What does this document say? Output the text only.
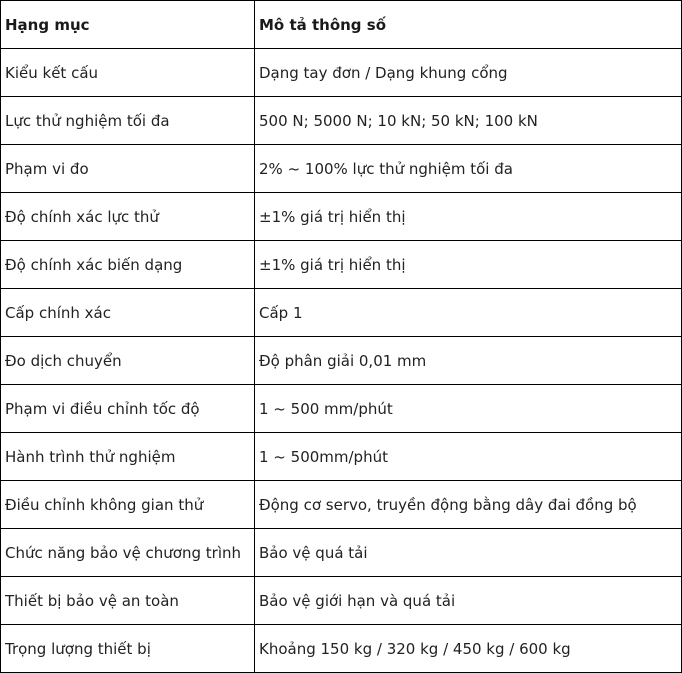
Hạng mục	Mô tả thông số
Kiểu kết cấu	Dạng tay đơn / Dạng khung cổng
Lực thử nghiệm tối đa	500 N; 5000 N; 10 kN; 50 kN; 100 kN
Phạm vi đo	2% ~ 100% lực thử nghiệm tối đa
Độ chính xác lực thử	±1% giá trị hiển thị
Độ chính xác biến dạng	±1% giá trị hiển thị
Cấp chính xác	Cấp 1
Đo dịch chuyển	Độ phân giải 0,01 mm
Phạm vi điều chỉnh tốc độ	1 ~ 500 mm/phút
Hành trình thử nghiệm	1 ~ 500mm/phút
Điều chỉnh không gian thử	Động cơ servo, truyền động bằng dây đai đồng bộ
Chức năng bảo vệ chương trình	Bảo vệ quá tải
Thiết bị bảo vệ an toàn	Bảo vệ giới hạn và quá tải
Trọng lượng thiết bị	Khoảng 150 kg / 320 kg / 450 kg / 600 kg
